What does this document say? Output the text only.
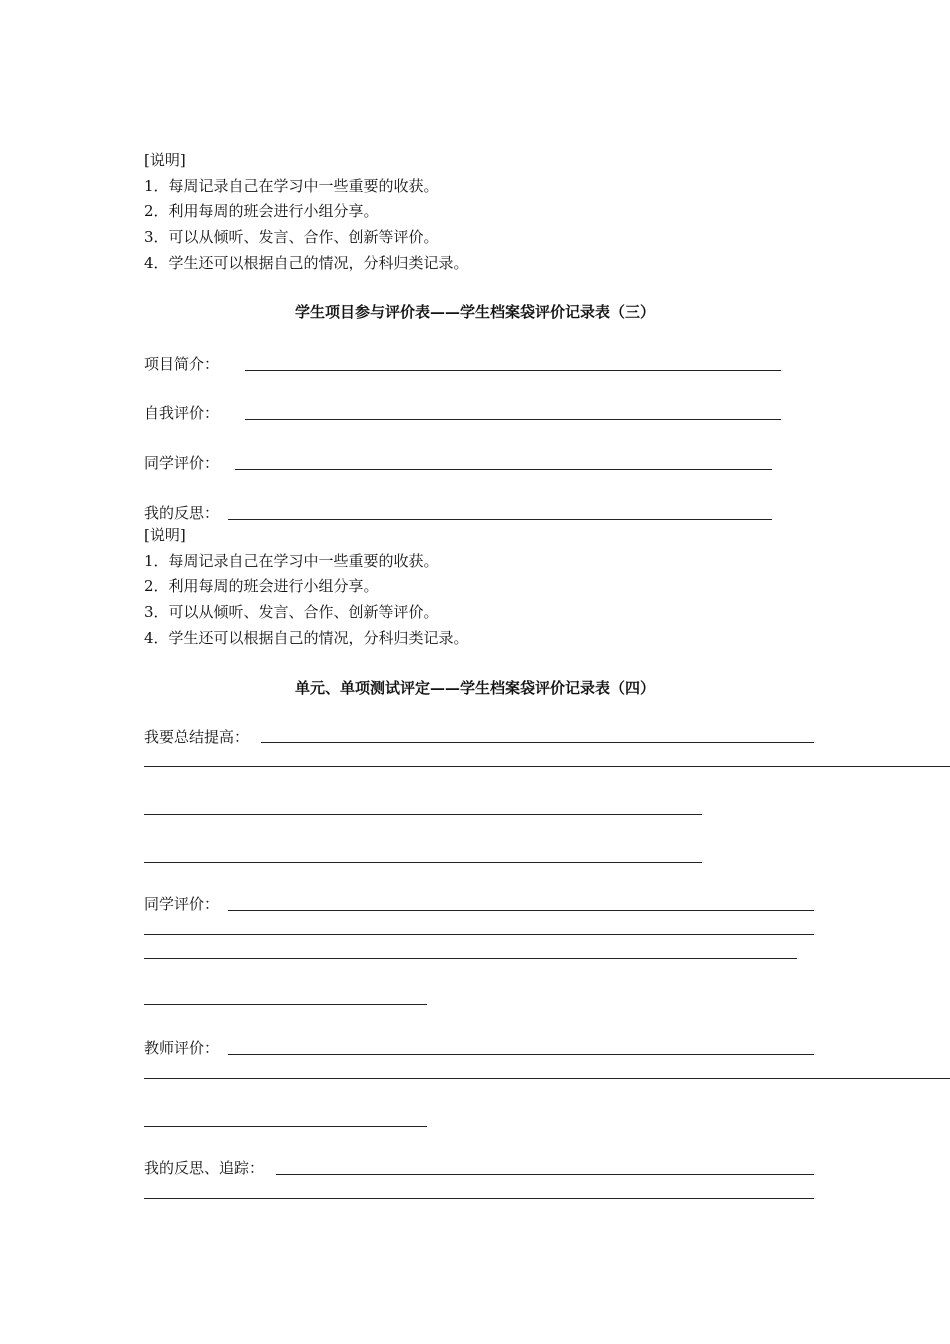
[说明]
1．每周记录自己在学习中一些重要的收获。
2．利用每周的班会进行小组分享。
3．可以从倾听、发言、合作、创新等评价。
4．学生还可以根据自己的情况，分科归类记录。
学生项目参与评价表——学生档案袋评价记录表（三）
项目简介：
自我评价：
同学评价：
我的反思：
[说明]
1．每周记录自己在学习中一些重要的收获。
2．利用每周的班会进行小组分享。
3．可以从倾听、发言、合作、创新等评价。
4．学生还可以根据自己的情况，分科归类记录。
单元、单项测试评定——学生档案袋评价记录表（四）
我要总结提高：
同学评价：
教师评价：
我的反思、追踪：
